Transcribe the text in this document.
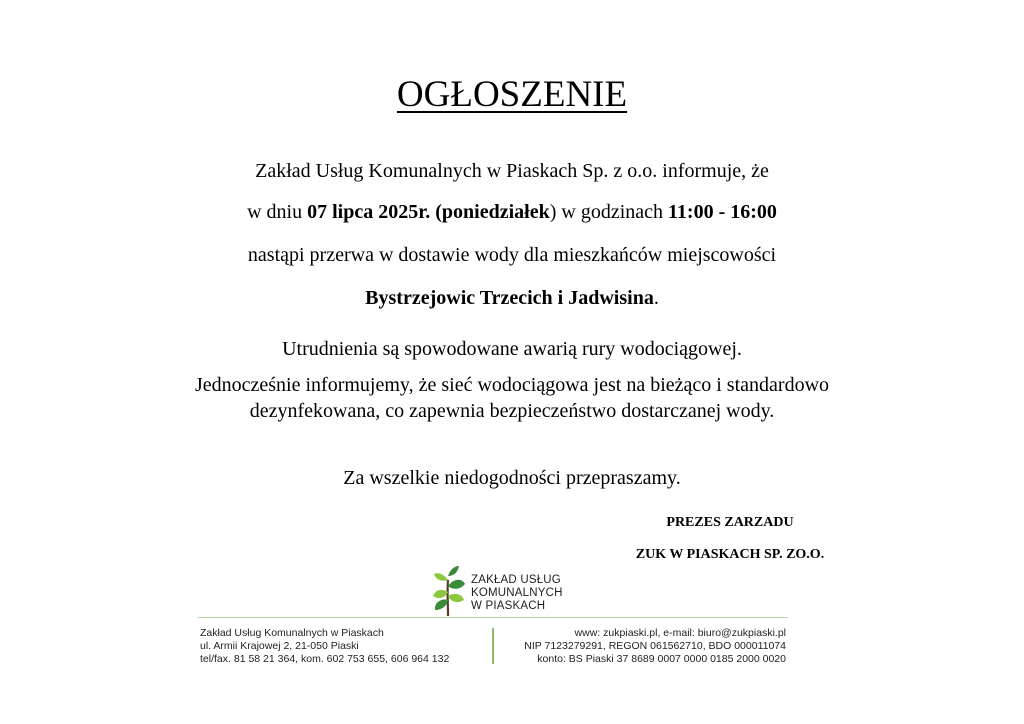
OGŁOSZENIE
Zakład Usług Komunalnych w Piaskach Sp. z o.o. informuje, że
w dniu 07 lipca 2025r. (poniedziałek) w godzinach 11:00 - 16:00
nastąpi przerwa w dostawie wody dla mieszkańców miejscowości
Bystrzejowic Trzecich i Jadwisina.
Utrudnienia są spowodowane awarią rury wodociągowej.
Jednocześnie informujemy, że sieć wodociągowa jest na bieżąco i standardowo dezynfekowana, co zapewnia bezpieczeństwo dostarczanej wody.
Za wszelkie niedogodności przepraszamy.
PREZES ZARZADU
ZUK W PIASKACH SP. ZO.O.
ZAKŁAD USŁUG
KOMUNALNYCH
W PIASKACH
Zakład Usług Komunalnych w Piaskach
ul. Armii Krajowej 2, 21-050 Piaski
tel/fax. 81 58 21 364, kom. 602 753 655, 606 964 132
www: zukpiaski.pl, e-mail: biuro@zukpiaski.pl
NIP 7123279291, REGON 061562710, BDO 000011074
konto: BS Piaski 37 8689 0007 0000 0185 2000 0020
